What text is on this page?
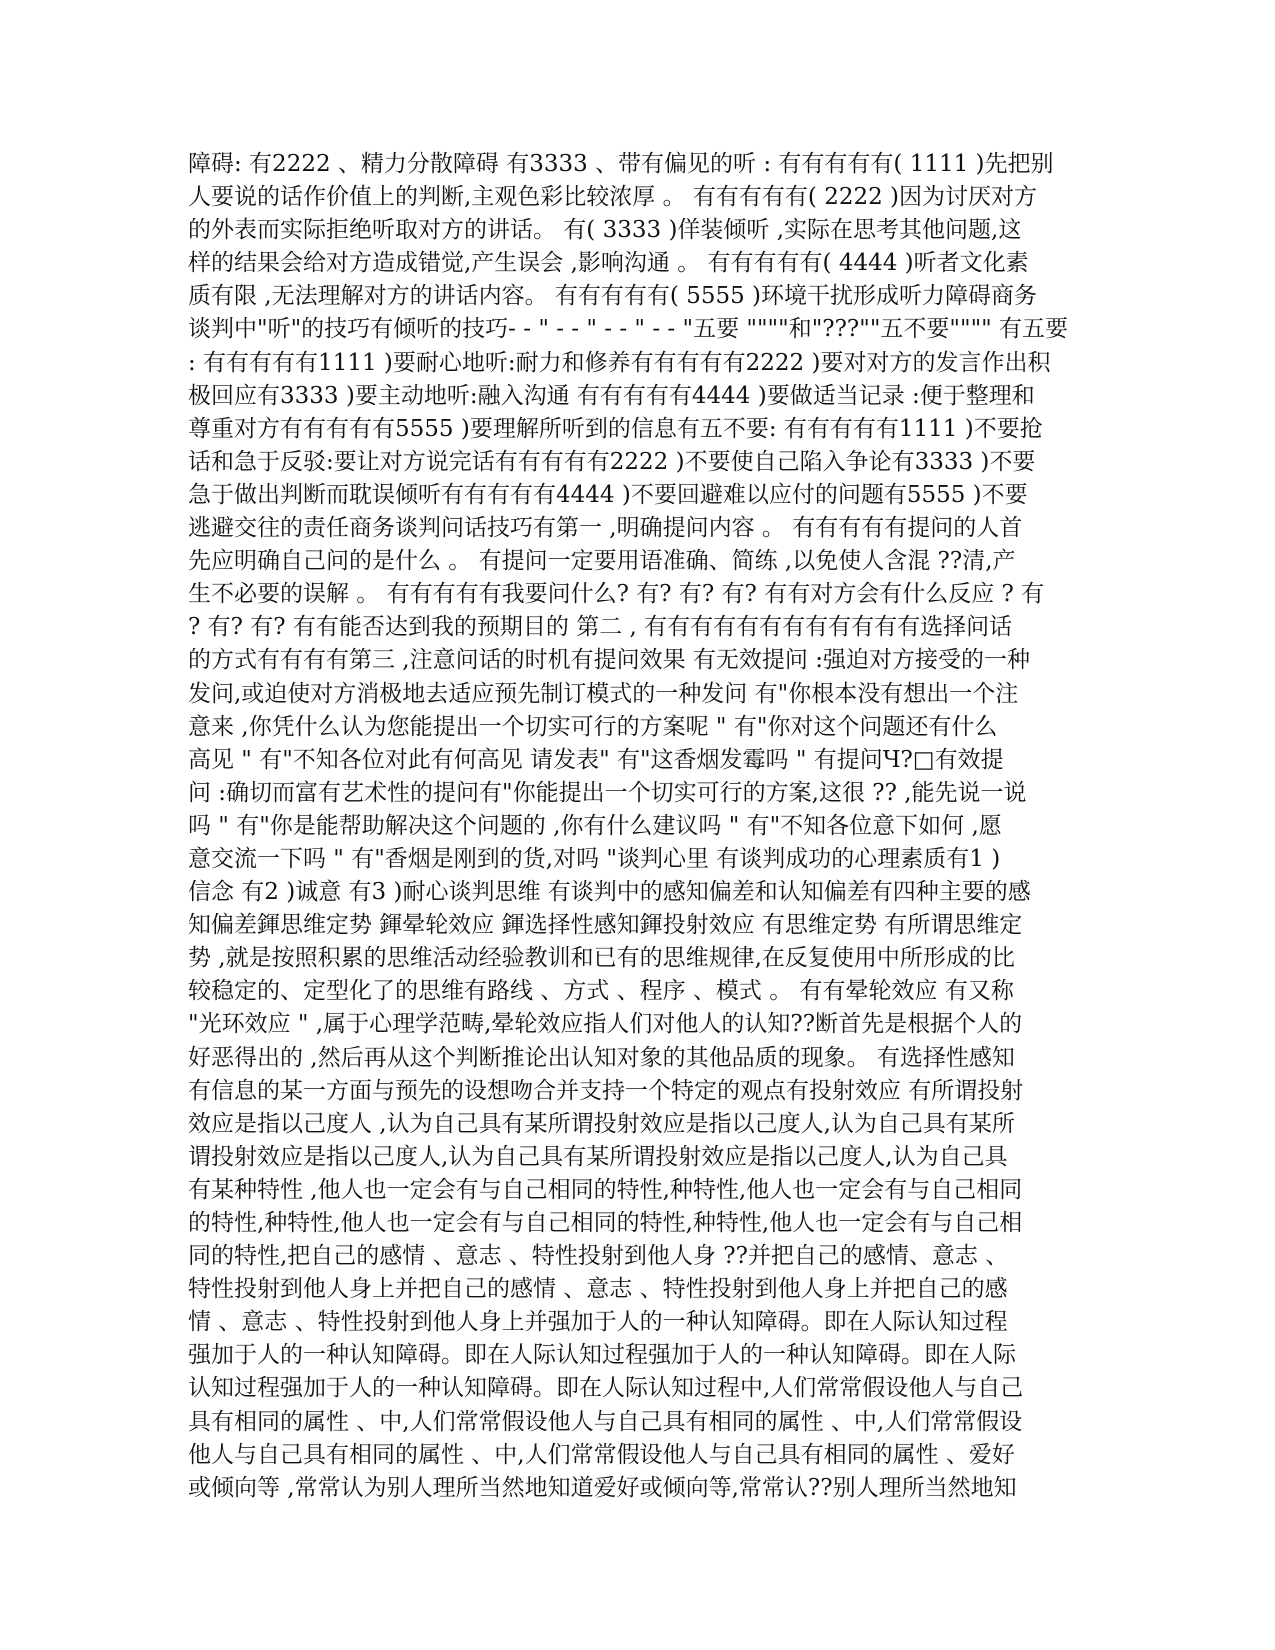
障碍: 有2222 、精力分散障碍 有3333 、带有偏见的听 : 有有有有有( 1111 )先把别
人要说的话作价值上的判断,主观色彩比较浓厚 。 有有有有有( 2222 )因为讨厌对方
的外表而实际拒绝听取对方的讲话。 有( 3333 )佯装倾听 ,实际在思考其他问题,这
样的结果会给对方造成错觉,产生误会 ,影响沟通 。 有有有有有( 4444 )听者文化素
质有限 ,无法理解对方的讲话内容。 有有有有有( 5555 )环境干扰形成听力障碍商务
谈判中"听"的技巧有倾听的技巧- - " - - " - - " - - "五要 """"和"???""五不要"""" 有五要
: 有有有有有1111 )要耐心地听:耐力和修养有有有有有2222 )要对对方的发言作出积
极回应有3333 )要主动地听:融入沟通 有有有有有4444 )要做适当记录 :便于整理和
尊重对方有有有有有5555 )要理解所听到的信息有五不要: 有有有有有1111 )不要抢
话和急于反驳:要让对方说完话有有有有有2222 )不要使自己陷入争论有3333 )不要
急于做出判断而耽误倾听有有有有有4444 )不要回避难以应付的问题有5555 )不要
逃避交往的责任商务谈判问话技巧有第一 ,明确提问内容 。 有有有有有提问的人首
先应明确自己问的是什么 。 有提问一定要用语准确、简练 ,以免使人含混 ??清,产
生不必要的误解 。 有有有有有我要问什么? 有? 有? 有? 有有对方会有什么反应 ? 有
? 有? 有? 有有能否达到我的预期目的 第二 , 有有有有有有有有有有有有选择问话
的方式有有有有第三 ,注意问话的时机有提问效果 有无效提问 :强迫对方接受的一种
发问,或迫使对方消极地去适应预先制订模式的一种发问 有"你根本没有想出一个注
意来 ,你凭什么认为您能提出一个切实可行的方案呢 " 有"你对这个问题还有什么
高见 " 有"不知各位对此有何高见 请发表" 有"这香烟发霉吗 " 有提问Ч?□有效提
问 :确切而富有艺术性的提问有"你能提出一个切实可行的方案,这很 ?? ,能先说一说
吗 " 有"你是能帮助解决这个问题的 ,你有什么建议吗 " 有"不知各位意下如何 ,愿
意交流一下吗 " 有"香烟是刚到的货,对吗 "谈判心里 有谈判成功的心理素质有1 )
信念 有2 )诚意 有3 )耐心谈判思维 有谈判中的感知偏差和认知偏差有四种主要的感
知偏差鍕思维定势 鍕晕轮效应 鍕选择性感知鍕投射效应 有思维定势 有所谓思维定
势 ,就是按照积累的思维活动经验教训和已有的思维规律,在反复使用中所形成的比
较稳定的、定型化了的思维有路线 、方式 、程序 、模式 。 有有晕轮效应 有又称
"光环效应 " ,属于心理学范畴,晕轮效应指人们对他人的认知??断首先是根据个人的
好恶得出的 ,然后再从这个判断推论出认知对象的其他品质的现象。 有选择性感知
有信息的某一方面与预先的设想吻合并支持一个特定的观点有投射效应 有所谓投射
效应是指以己度人 ,认为自己具有某所谓投射效应是指以己度人,认为自己具有某所
谓投射效应是指以己度人,认为自己具有某所谓投射效应是指以己度人,认为自己具
有某种特性 ,他人也一定会有与自己相同的特性,种特性,他人也一定会有与自己相同
的特性,种特性,他人也一定会有与自己相同的特性,种特性,他人也一定会有与自己相
同的特性,把自己的感情 、意志 、特性投射到他人身 ??并把自己的感情、意志 、
特性投射到他人身上并把自己的感情 、意志 、特性投射到他人身上并把自己的感
情 、意志 、特性投射到他人身上并强加于人的一种认知障碍。即在人际认知过程
强加于人的一种认知障碍。即在人际认知过程强加于人的一种认知障碍。即在人际
认知过程强加于人的一种认知障碍。即在人际认知过程中,人们常常假设他人与自己
具有相同的属性 、中,人们常常假设他人与自己具有相同的属性 、中,人们常常假设
他人与自己具有相同的属性 、中,人们常常假设他人与自己具有相同的属性 、爱好
或倾向等 ,常常认为别人理所当然地知道爱好或倾向等,常常认??别人理所当然地知
